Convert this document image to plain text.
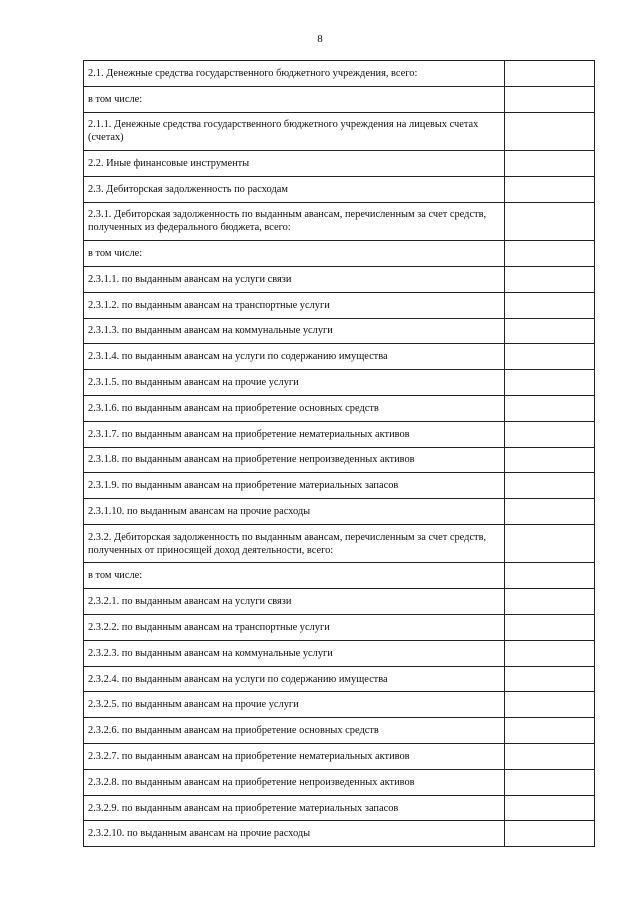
8
2.1. Денежные средства государственного бюджетного учреждения, всего:	
в том числе:	
2.1.1. Денежные средства государственного бюджетного учреждения на лицевых счетах (счетах)	
2.2. Иные финансовые инструменты	
2.3. Дебиторская задолженность по расходам	
2.3.1. Дебиторская задолженность по выданным авансам, перечисленным за счет средств, полученных из федерального бюджета, всего:	
в том числе:	
2.3.1.1. по выданным авансам на услуги связи	
2.3.1.2. по выданным авансам на транспортные услуги	
2.3.1.3. по выданным авансам на коммунальные услуги	
2.3.1.4. по выданным авансам на услуги по содержанию имущества	
2.3.1.5. по выданным авансам на прочие услуги	
2.3.1.6. по выданным авансам на приобретение основных средств	
2.3.1.7. по выданным авансам на приобретение нематериальных активов	
2.3.1.8. по выданным авансам на приобретение непроизведенных активов	
2.3.1.9. по выданным авансам на приобретение материальных запасов	
2.3.1.10. по выданным авансам на прочие расходы	
2.3.2. Дебиторская задолженность по выданным авансам, перечисленным за счет средств, полученных от приносящей доход деятельности, всего:	
в том числе:	
2.3.2.1. по выданным авансам на услуги связи	
2.3.2.2. по выданным авансам на транспортные услуги	
2.3.2.3. по выданным авансам на коммунальные услуги	
2.3.2.4. по выданным авансам на услуги по содержанию имущества	
2.3.2.5. по выданным авансам на прочие услуги	
2.3.2.6. по выданным авансам на приобретение основных средств	
2.3.2.7. по выданным авансам на приобретение нематериальных активов	
2.3.2.8. по выданным авансам на приобретение непроизведенных активов	
2.3.2.9. по выданным авансам на приобретение материальных запасов	
2.3.2.10. по выданным авансам на прочие расходы	
